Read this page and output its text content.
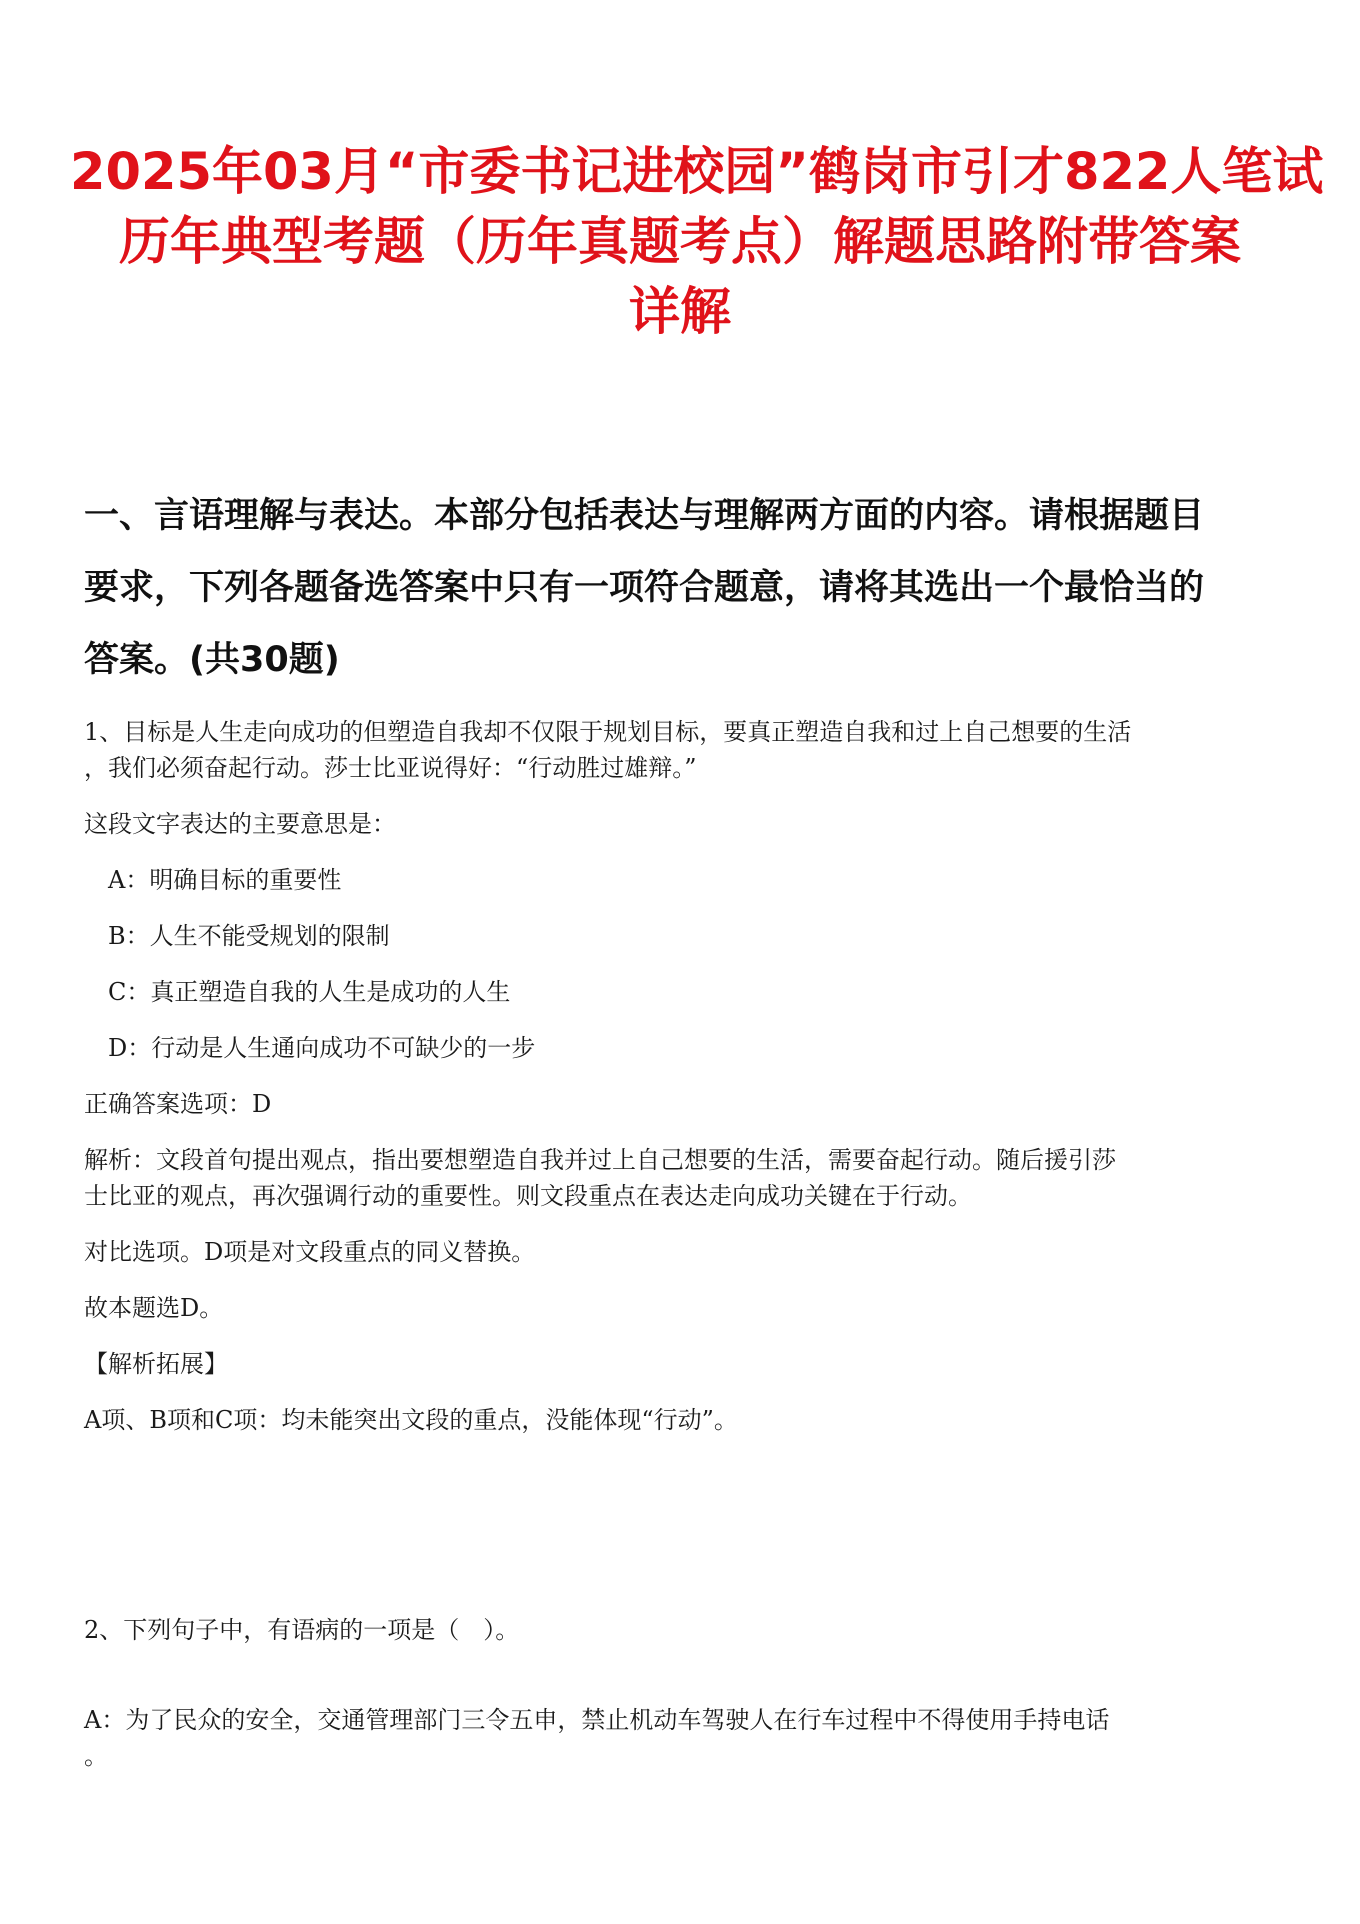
2025年03月“市委书记进校园”鹤岗市引才822人笔试
历年典型考题（历年真题考点）解题思路附带答案
详解
一、言语理解与表达。本部分包括表达与理解两方面的内容。请根据题目
要求，下列各题备选答案中只有一项符合题意，请将其选出一个最恰当的
答案。(共30题)

1、目标是人生走向成功的但塑造自我却不仅限于规划目标，要真正塑造自我和过上自己想要的生活

，我们必须奋起行动。莎士比亚说得好：“行动胜过雄辩。”

这段文字表达的主要意思是：

A：明确目标的重要性

B：人生不能受规划的限制

C：真正塑造自我的人生是成功的人生

D：行动是人生通向成功不可缺少的一步

正确答案选项：D

解析：文段首句提出观点，指出要想塑造自我并过上自己想要的生活，需要奋起行动。随后援引莎

士比亚的观点，再次强调行动的重要性。则文段重点在表达走向成功关键在于行动。

对比选项。D项是对文段重点的同义替换。

故本题选D。

【解析拓展】

A项、B项和C项：均未能突出文段的重点，没能体现“行动”。

2、下列句子中，有语病的一项是（　）。

A：为了民众的安全，交通管理部门三令五申，禁止机动车驾驶人在行车过程中不得使用手持电话

。
